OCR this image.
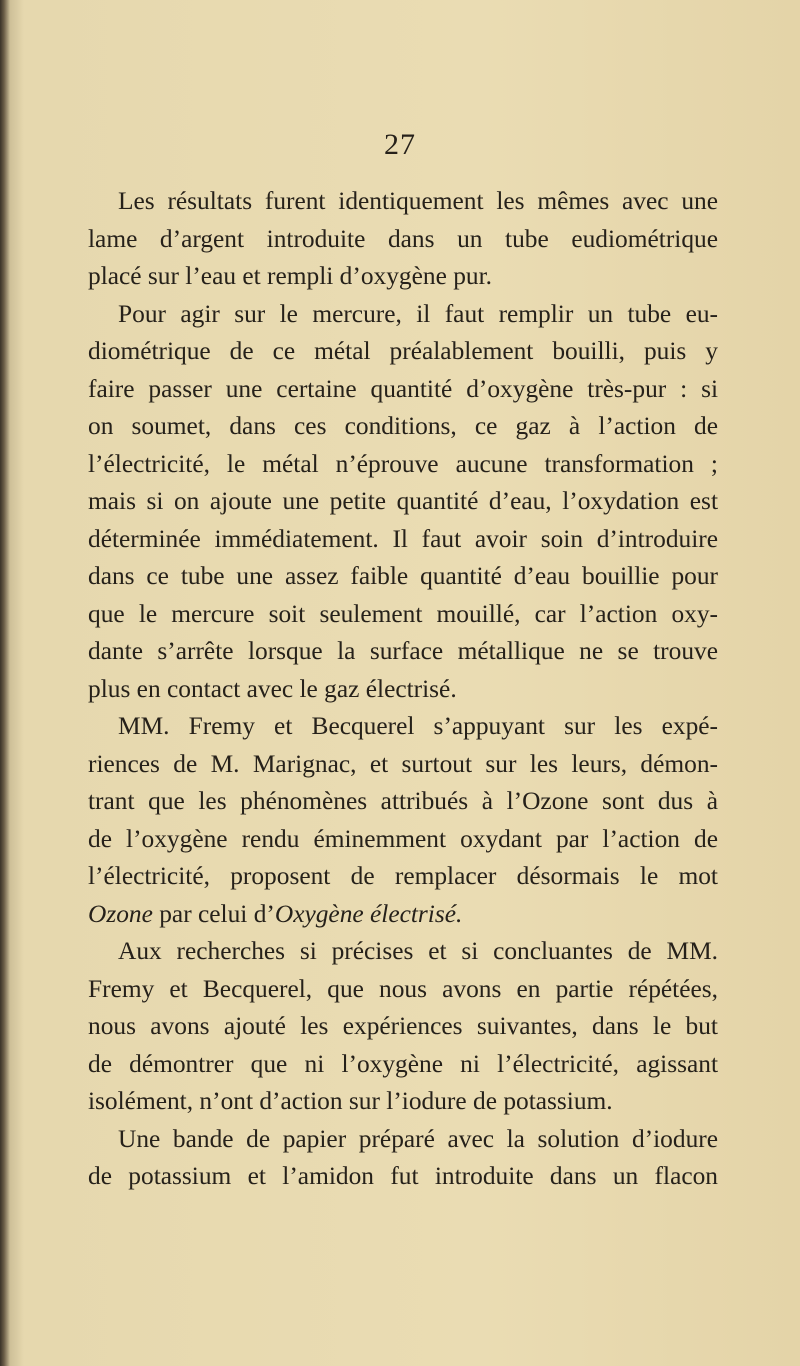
27
Les résultats furent identiquement les mêmes avec une
lame d’argent introduite dans un tube eudiométrique
placé sur l’eau et rempli d’oxygène pur.
Pour agir sur le mercure, il faut remplir un tube eu-
diométrique de ce métal préalablement bouilli, puis y
faire passer une certaine quantité d’oxygène très-pur : si
on soumet, dans ces conditions, ce gaz à l’action de
l’électricité, le métal n’éprouve aucune transformation ;
mais si on ajoute une petite quantité d’eau, l’oxydation est
déterminée immédiatement. Il faut avoir soin d’introduire
dans ce tube une assez faible quantité d’eau bouillie pour
que le mercure soit seulement mouillé, car l’action oxy-
dante s’arrête lorsque la surface métallique ne se trouve
plus en contact avec le gaz électrisé.
MM. Fremy et Becquerel s’appuyant sur les expé-
riences de M. Marignac, et surtout sur les leurs, démon-
trant que les phénomènes attribués à l’Ozone sont dus à
de l’oxygène rendu éminemment oxydant par l’action de
l’électricité, proposent de remplacer désormais le mot
Ozone par celui d’Oxygène électrisé.
Aux recherches si précises et si concluantes de MM.
Fremy et Becquerel, que nous avons en partie répétées,
nous avons ajouté les expériences suivantes, dans le but
de démontrer que ni l’oxygène ni l’électricité, agissant
isolément, n’ont d’action sur l’iodure de potassium.
Une bande de papier préparé avec la solution d’iodure
de potassium et l’amidon fut introduite dans un flacon
